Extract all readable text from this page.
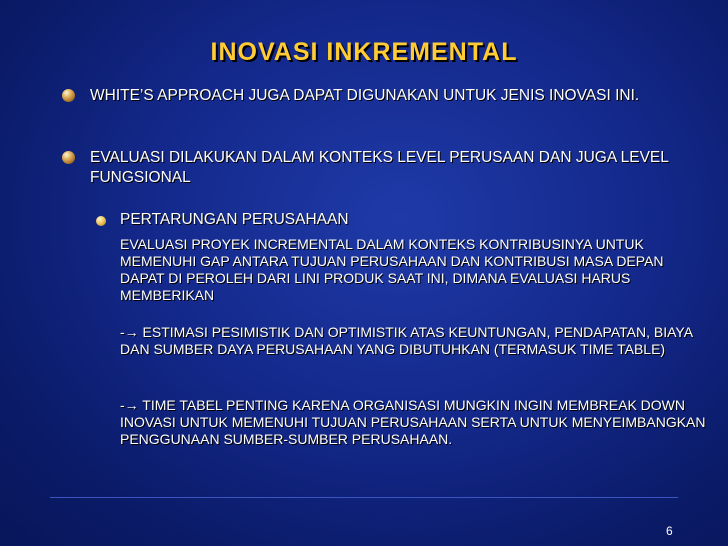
INOVASI INKREMENTAL
WHITE’S APPROACH JUGA DAPAT DIGUNAKAN UNTUK JENIS INOVASI INI.
EVALUASI DILAKUKAN DALAM KONTEKS LEVEL PERUSAAN DAN JUGA LEVEL FUNGSIONAL
PERTARUNGAN PERUSAHAAN
EVALUASI PROYEK INCREMENTAL DALAM KONTEKS KONTRIBUSINYA UNTUK MEMENUHI GAP ANTARA TUJUAN PERUSAHAAN DAN KONTRIBUSI MASA DEPAN DAPAT DI PEROLEH DARI LINI PRODUK SAAT INI, DIMANA EVALUASI HARUS MEMBERIKAN
-→ ESTIMASI PESIMISTIK DAN OPTIMISTIK ATAS KEUNTUNGAN, PENDAPATAN, BIAYA DAN SUMBER DAYA PERUSAHAAN YANG DIBUTUHKAN (TERMASUK TIME TABLE)
-→ TIME TABEL PENTING KARENA ORGANISASI MUNGKIN INGIN MEMBREAK DOWN INOVASI UNTUK MEMENUHI TUJUAN PERUSAHAAN SERTA UNTUK MENYEIMBANGKAN PENGGUNAAN SUMBER-SUMBER PERUSAHAAN.
6
